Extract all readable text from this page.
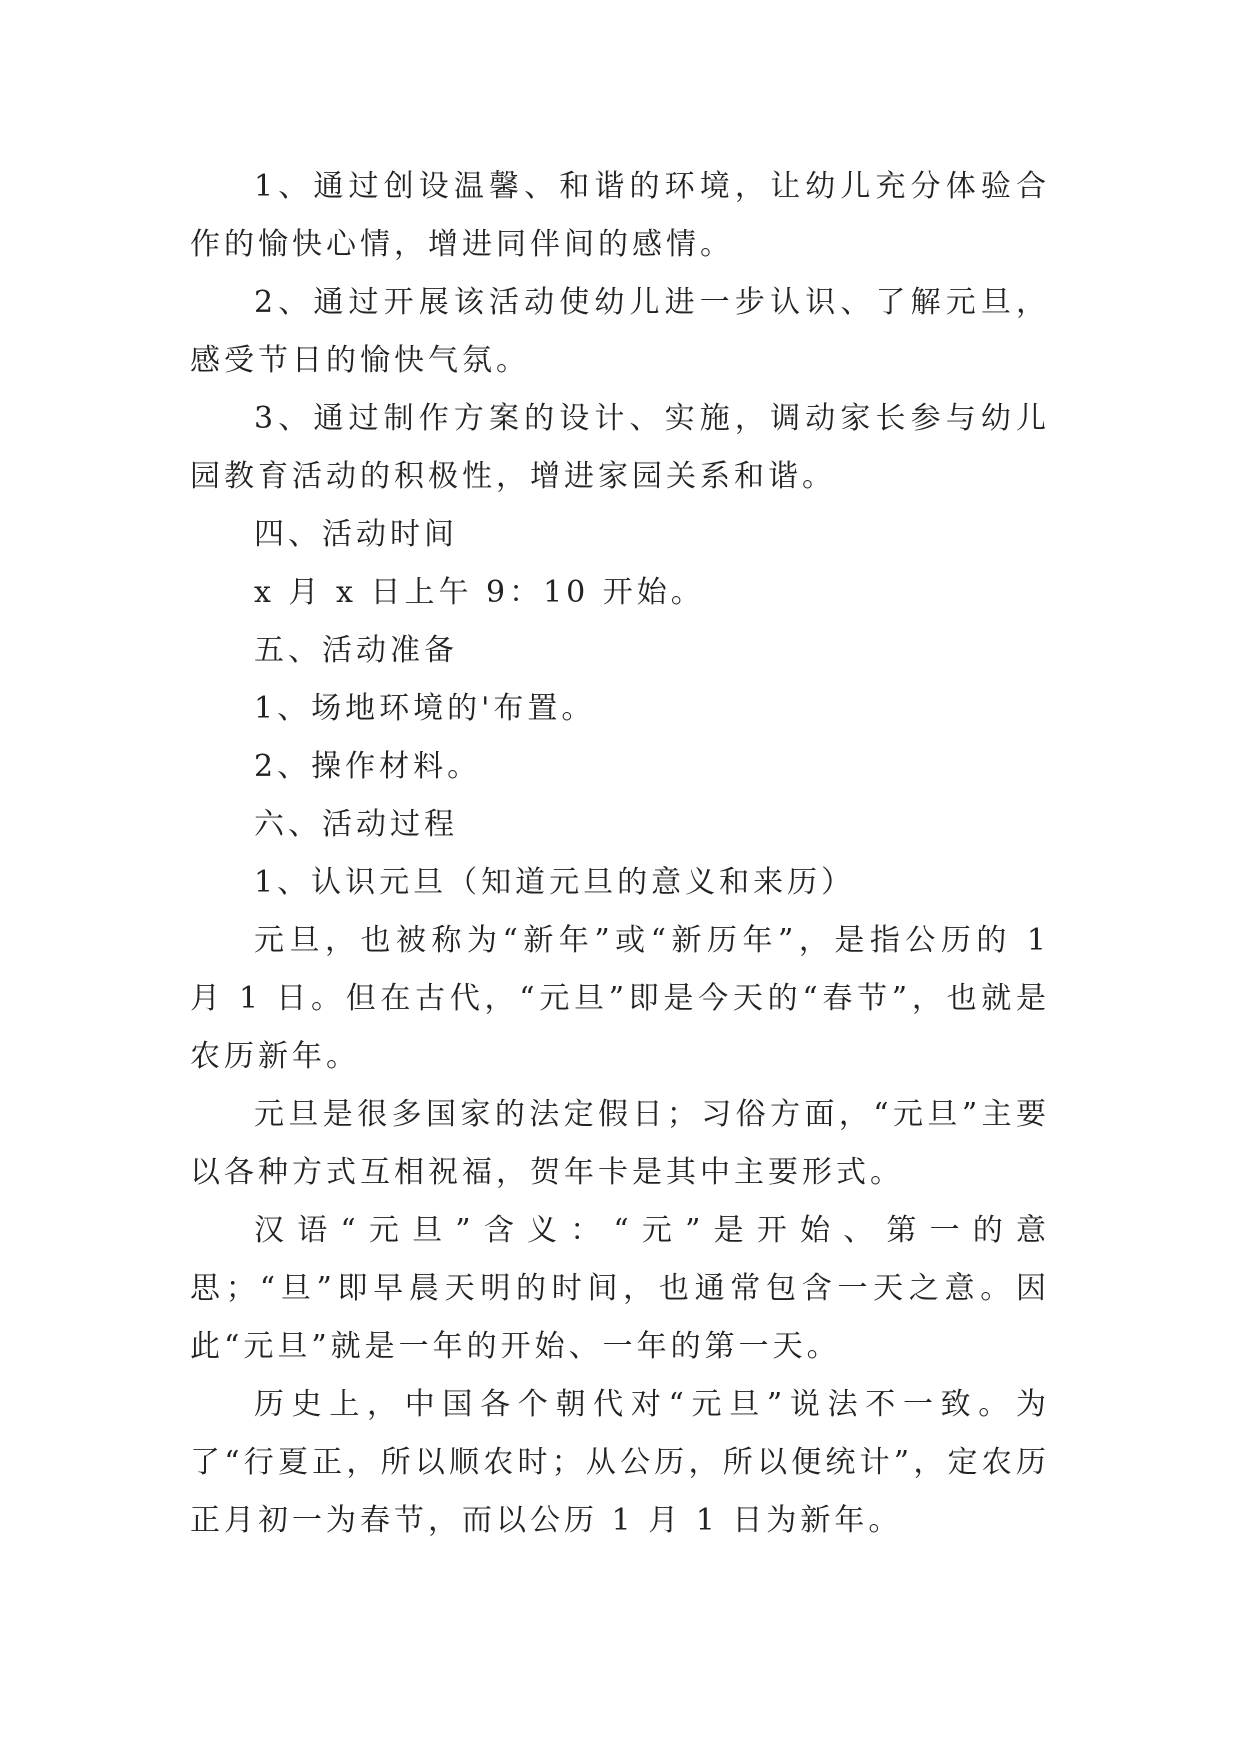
1、通过创设温馨、和谐的环境，让幼儿充分体验合作的愉快心情，增进同伴间的感情。

2、通过开展该活动使幼儿进一步认识、了解元旦，感受节日的愉快气氛。

3、通过制作方案的设计、实施，调动家长参与幼儿园教育活动的积极性，增进家园关系和谐。

四、活动时间

x 月 x 日上午 9：10 开始。

五、活动准备

1、场地环境的'布置。

2、操作材料。

六、活动过程

1、认识元旦（知道元旦的意义和来历）

元旦，也被称为“新年”或“新历年”，是指公历的 1 月 1 日。但在古代，“元旦”即是今天的“春节”，也就是农历新年。

元旦是很多国家的法定假日；习俗方面，“元旦”主要以各种方式互相祝福，贺年卡是其中主要形式。

汉语“元旦”含义：“元”是开始、第一的意思；“旦”即早晨天明的时间，也通常包含一天之意。因此“元旦”就是一年的开始、一年的第一天。

历史上，中国各个朝代对“元旦”说法不一致。为了“行夏正，所以顺农时；从公历，所以便统计”，定农历正月初一为春节，而以公历 1 月 1 日为新年。
